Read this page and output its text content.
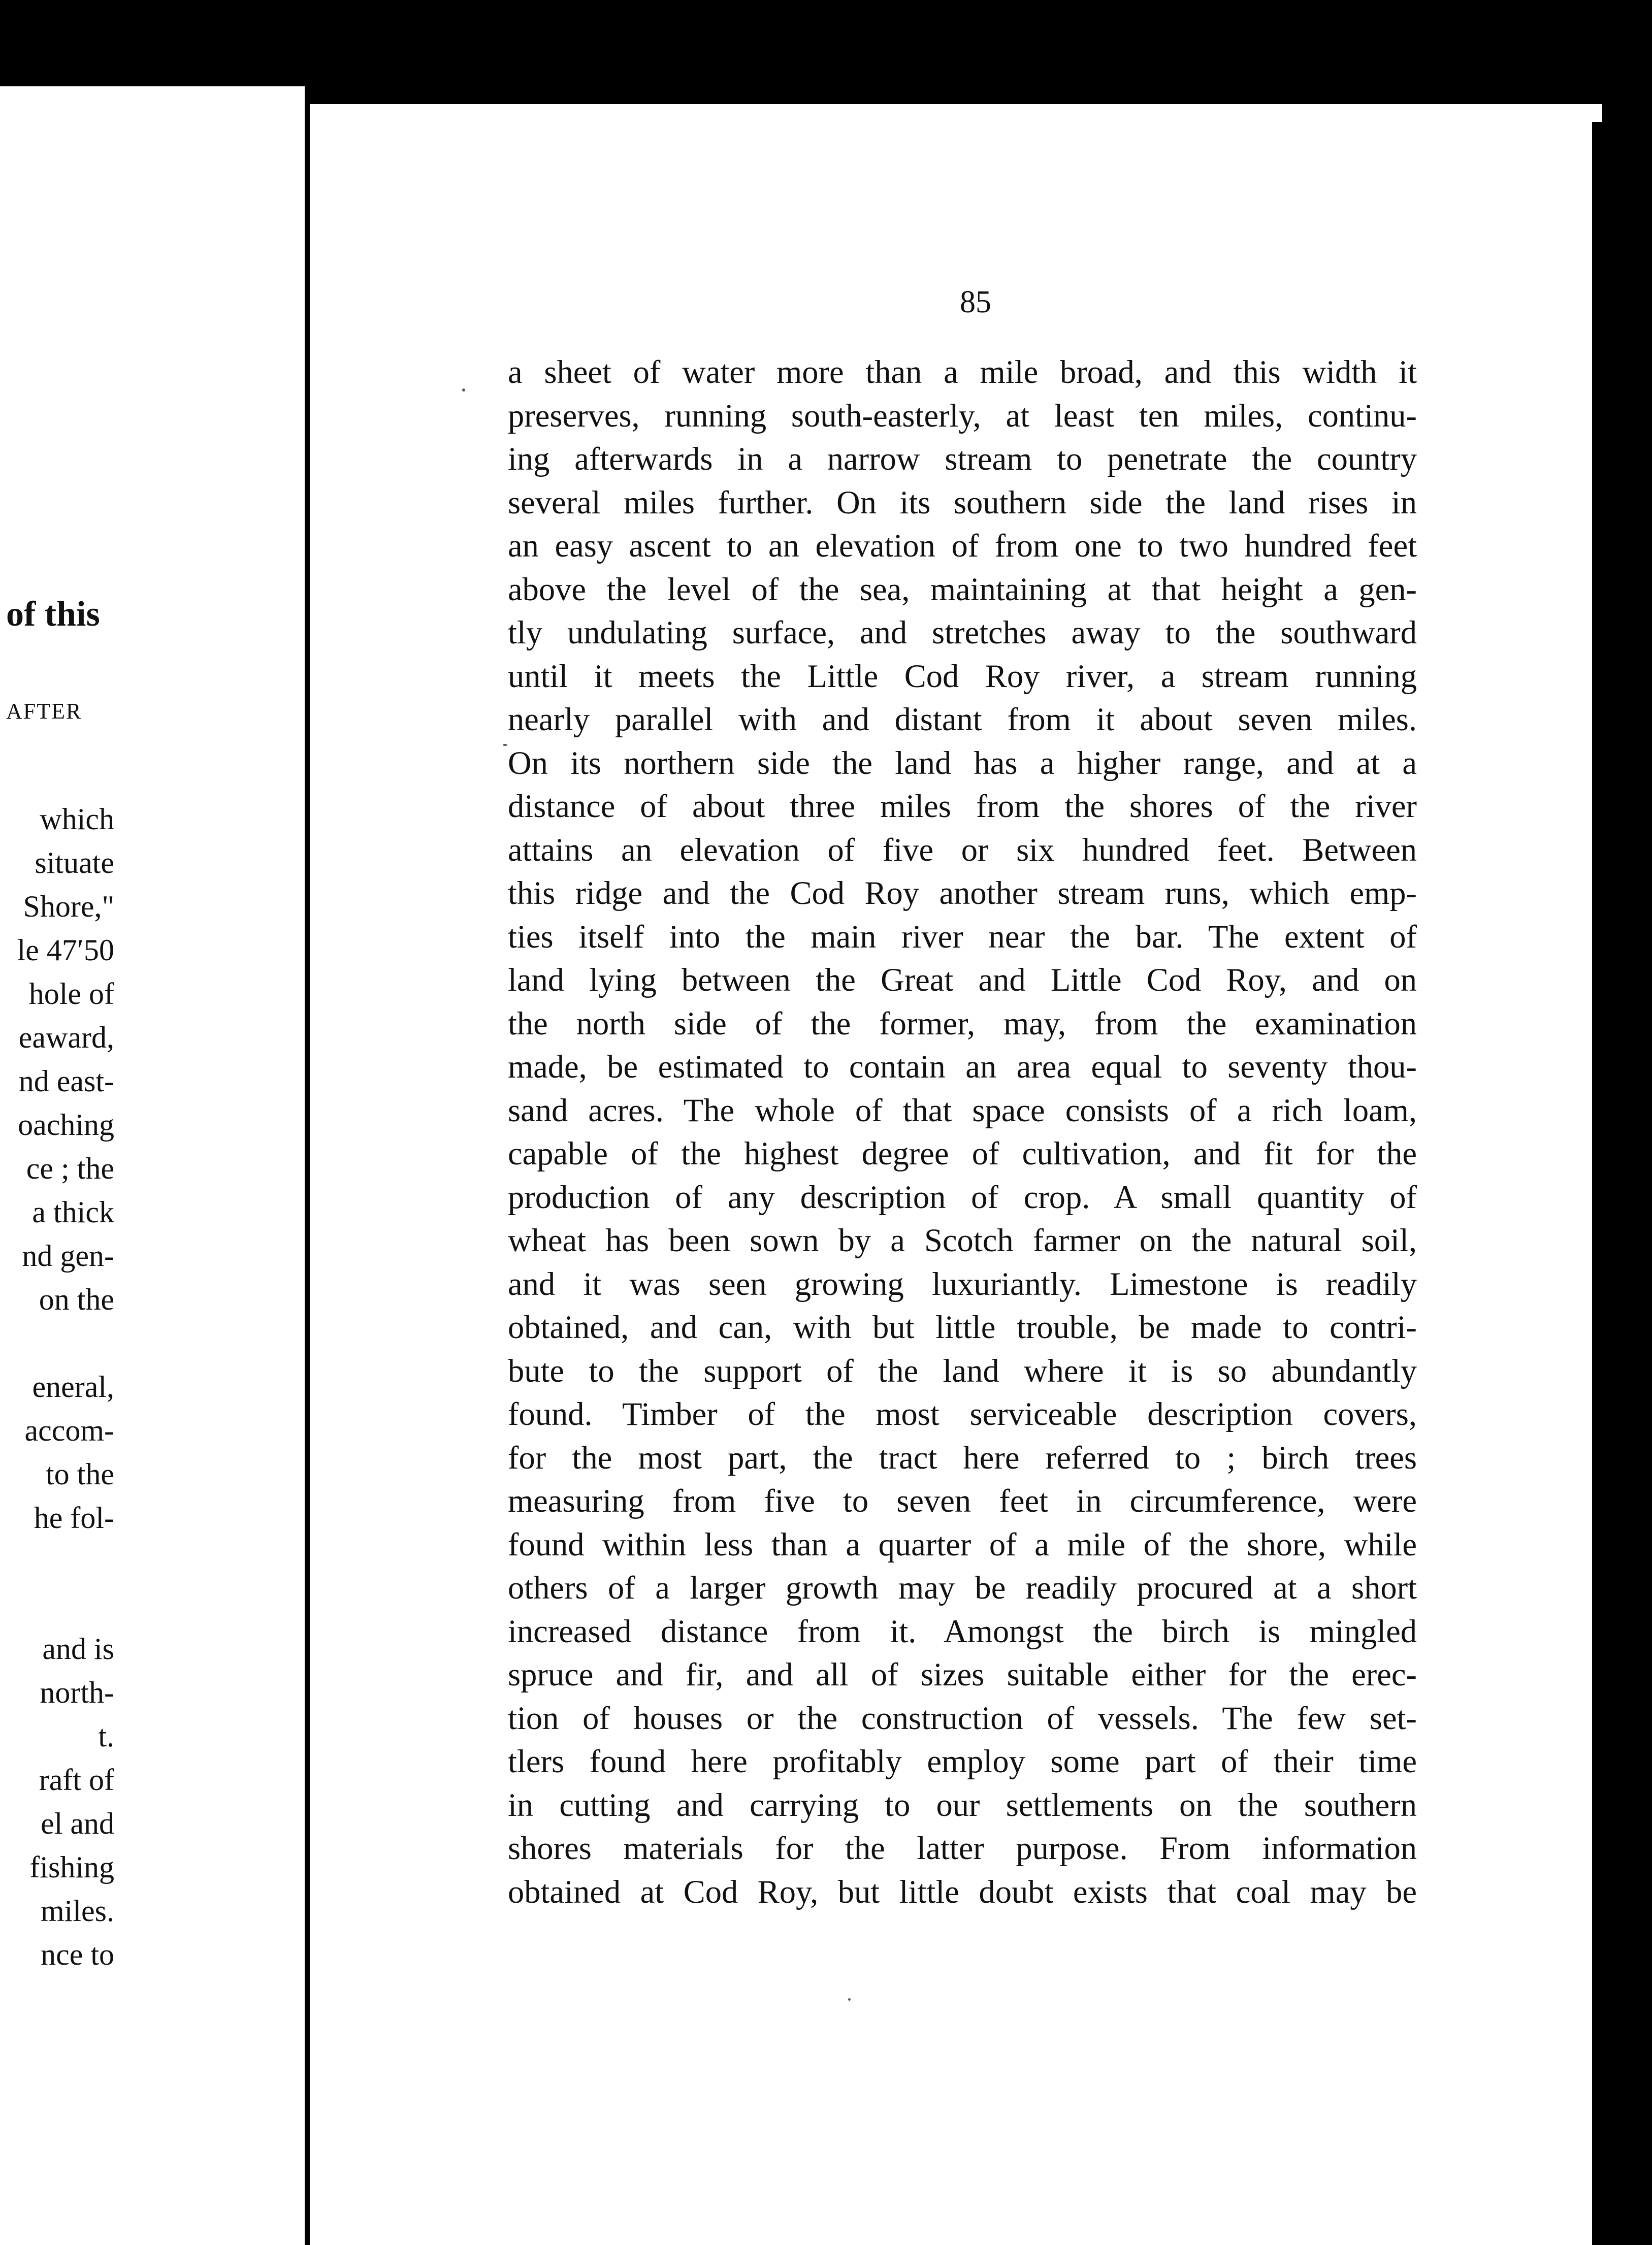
of this
AFTER
which
situate
Shore,"
le 47′50
hole of
eaward,
nd east-
oaching
ce ; the
a thick
nd gen-
on the
eneral,
accom-
to the
he fol-
and is
north-
t.
raft of
el and
fishing
miles.
nce to
85
a sheet of water more than a mile broad, and this width it
preserves, running south-easterly, at least ten miles, continu-
ing afterwards in a narrow stream to penetrate the country
several miles further. On its southern side the land rises in
an easy ascent to an elevation of from one to two hundred feet
above the level of the sea, maintaining at that height a gen-
tly undulating surface, and stretches away to the southward
until it meets the Little Cod Roy river, a stream running
nearly parallel with and distant from it about seven miles.
On its northern side the land has a higher range, and at a
distance of about three miles from the shores of the river
attains an elevation of five or six hundred feet. Between
this ridge and the Cod Roy another stream runs, which emp-
ties itself into the main river near the bar. The extent of
land lying between the Great and Little Cod Roy, and on
the north side of the former, may, from the examination
made, be estimated to contain an area equal to seventy thou-
sand acres. The whole of that space consists of a rich loam,
capable of the highest degree of cultivation, and fit for the
production of any description of crop. A small quantity of
wheat has been sown by a Scotch farmer on the natural soil,
and it was seen growing luxuriantly. Limestone is readily
obtained, and can, with but little trouble, be made to contri-
bute to the support of the land where it is so abundantly
found. Timber of the most serviceable description covers,
for the most part, the tract here referred to ; birch trees
measuring from five to seven feet in circumference, were
found within less than a quarter of a mile of the shore, while
others of a larger growth may be readily procured at a short
increased distance from it. Amongst the birch is mingled
spruce and fir, and all of sizes suitable either for the erec-
tion of houses or the construction of vessels. The few set-
tlers found here profitably employ some part of their time
in cutting and carrying to our settlements on the southern
shores materials for the latter purpose. From information
obtained at Cod Roy, but little doubt exists that coal may be
